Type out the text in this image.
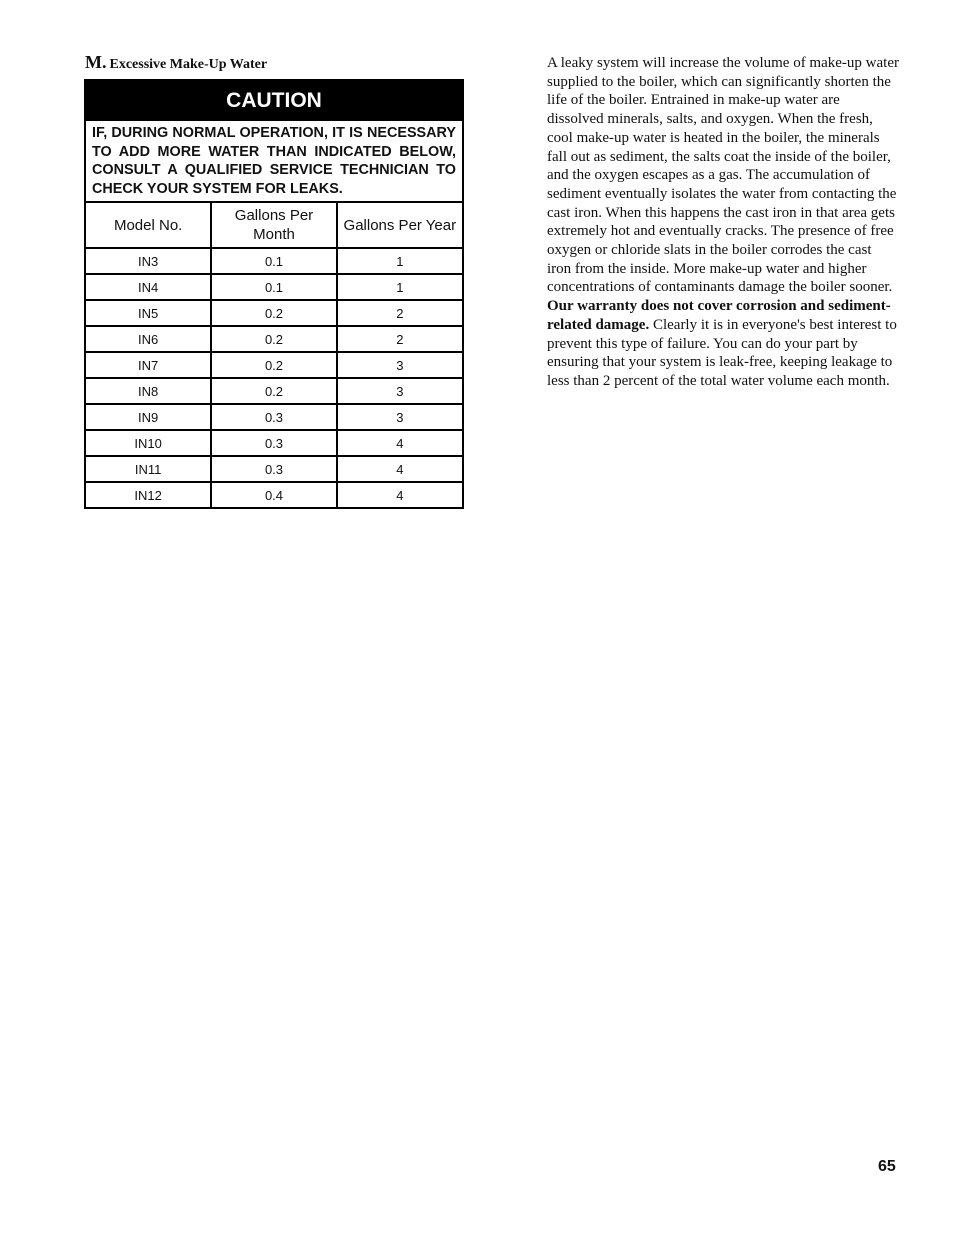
M. Excessive Make-Up Water
CAUTION
IF, DURING NORMAL OPERATION, IT IS NECESSARY TO ADD MORE WATER THAN INDICATED BELOW, CONSULT A QUALIFIED SERVICE TECHNICIAN TO CHECK YOUR SYSTEM FOR LEAKS.
Model No.	Gallons Per Month	Gallons Per Year
IN3	0.1	1
IN4	0.1	1
IN5	0.2	2
IN6	0.2	2
IN7	0.2	3
IN8	0.2	3
IN9	0.3	3
IN10	0.3	4
IN11	0.3	4
IN12	0.4	4

A leaky system will increase the volume of make-up water supplied to the boiler, which can significantly shorten the life of the boiler. Entrained in make-up water are dissolved minerals, salts, and oxygen. When the fresh, cool make-up water is heated in the boiler, the minerals fall out as sediment, the salts coat the inside of the boiler, and the oxygen escapes as a gas. The accumulation of sediment eventually isolates the water from contacting the cast iron. When this happens the cast iron in that area gets extremely hot and eventually cracks. The presence of free oxygen or chloride slats in the boiler corrodes the cast iron from the inside. More make-up water and higher concentrations of contaminants damage the boiler sooner. Our warranty does not cover corrosion and sediment-related damage. Clearly it is in everyone's best interest to prevent this type of failure. You can do your part by ensuring that your system is leak-free, keeping leakage to less than 2 percent of the total water volume each month.

65
